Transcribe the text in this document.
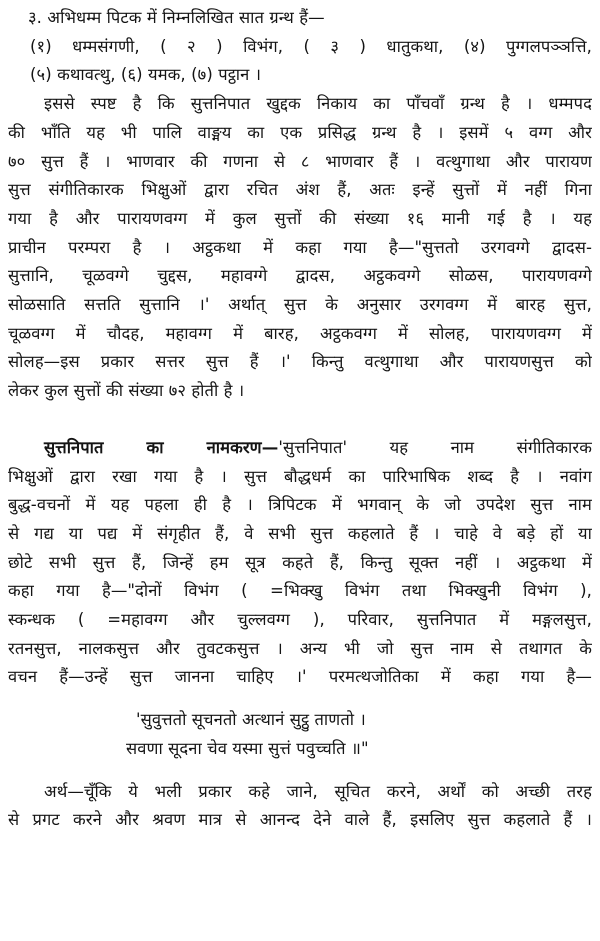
३. अभिधम्म पिटक में निम्नलिखित सात ग्रन्थ हैं—
(१) धम्मसंगणी, ( २ ) विभंग, ( ३ ) धातुकथा, (४) पुग्गलपञ्ञत्ति,
(५) कथावत्थु, (६) यमक, (७) पट्ठान ।
इससे स्पष्ट है कि सुत्तनिपात खुद्दक निकाय का पाँचवाँ ग्रन्थ है । धम्मपद
की भाँति यह भी पालि वाङ्मय का एक प्रसिद्ध ग्रन्थ है । इसमें ५ वग्ग और
७० सुत्त हैं । भाणवार की गणना से ८ भाणवार हैं । वत्थुगाथा और पारायण
सुत्त संगीतिकारक भिक्षुओं द्वारा रचित अंश हैं, अतः इन्हें सुत्तों में नहीं गिना
गया है और पारायणवग्ग में कुल सुत्तों की संख्या १६ मानी गई है । यह
प्राचीन परम्परा है । अट्ठकथा में कहा गया है—"सुत्ततो उरगवग्गे द्वादस-
सुत्तानि, चूळवग्गे चुद्दस, महावग्गे द्वादस, अट्ठकवग्गे सोळस, पारायणवग्गे
सोळसाति सत्तति सुत्तानि ।' अर्थात् सुत्त के अनुसार उरगवग्ग में बारह सुत्त,
चूळवग्ग में चौदह, महावग्ग में बारह, अट्ठकवग्ग में सोलह, पारायणवग्ग में
सोलह—इस प्रकार सत्तर सुत्त हैं ।' किन्तु वत्थुगाथा और पारायणसुत्त को
लेकर कुल सुत्तों की संख्या ७२ होती है ।
सुत्तनिपात का नामकरण—'सुत्तनिपात' यह नाम संगीतिकारक
भिक्षुओं द्वारा रखा गया है । सुत्त बौद्धधर्म का पारिभाषिक शब्द है । नवांग
बुद्ध-वचनों में यह पहला ही है । त्रिपिटक में भगवान् के जो उपदेश सुत्त नाम
से गद्य या पद्य में संगृहीत हैं, वे सभी सुत्त कहलाते हैं । चाहे वे बड़े हों या
छोटे सभी सुत्त हैं, जिन्हें हम सूत्र कहते हैं, किन्तु सूक्त नहीं । अट्ठकथा में
कहा गया है—"दोनों विभंग ( =भिक्खु विभंग तथा भिक्खुनी विभंग ),
स्कन्धक ( =महावग्ग और चुल्लवग्ग ), परिवार, सुत्तनिपात में मङ्गलसुत्त,
रतनसुत्त, नालकसुत्त और तुवटकसुत्त । अन्य भी जो सुत्त नाम से तथागत के
वचन हैं—उन्हें सुत्त जानना चाहिए ।' परमत्थजोतिका में कहा गया है—
'सुवुत्ततो सूचनतो अत्थानं सुट्ठु ताणतो ।
सवणा सूदना चेव यस्मा सुत्तं पवुच्चति ॥"
अर्थ—चूँकि ये भली प्रकार कहे जाने, सूचित करने, अर्थों को अच्छी तरह
से प्रगट करने और श्रवण मात्र से आनन्द देने वाले हैं, इसलिए सुत्त कहलाते हैं ।
